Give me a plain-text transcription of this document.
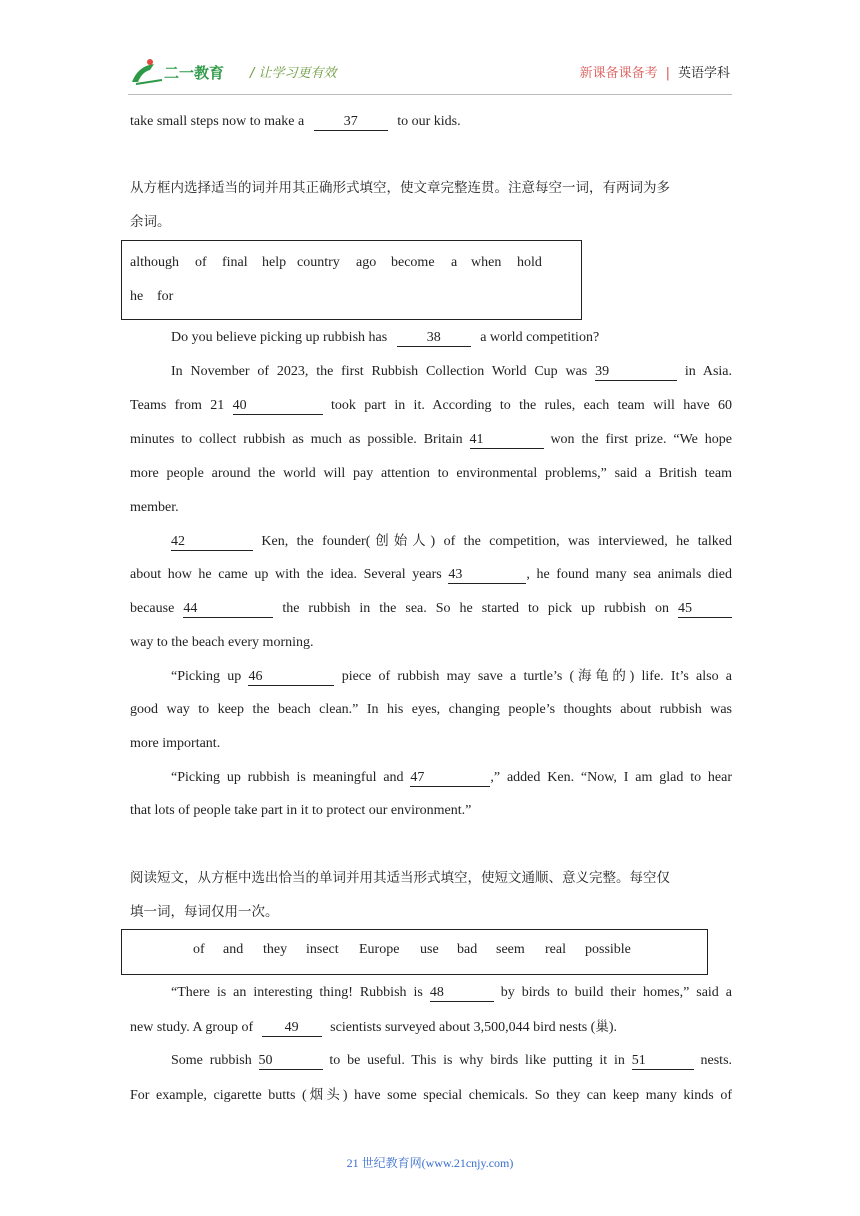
二一教育 / 让学习更有效	新课备课备考 | 英语学科
take small steps now to make a	37	to our kids.
从方框内选择适当的词并用其正确形式填空，使文章完整连贯。注意每空一词，有两词为多
余词。
although of final help country ago become a when hold
he for
Do you believe picking up rubbish has	38	a world competition?
In November of 2023, the first Rubbish Collection World Cup was 39	in Asia.
Teams from 21 40	took part in it. According to the rules, each team will have 60
minutes to collect rubbish as much as possible. Britain 41	won the first prize. “We hope
more people around the world will pay attention to environmental problems,” said a British team
member.
42	Ken, the founder(创始人) of the competition, was interviewed, he talked
about how he came up with the idea. Several years 43	, he found many sea animals died
because 44	the rubbish in the sea. So he started to pick up rubbish on 45
way to the beach every morning.
“Picking up 46	piece of rubbish may save a turtle’s (海龟的) life. It’s also a
good way to keep the beach clean.” In his eyes, changing people’s thoughts about rubbish was
more important.
“Picking up rubbish is meaningful and 47	,” added Ken. “Now, I am glad to hear
that lots of people take part in it to protect our environment.”
阅读短文，从方框中选出恰当的单词并用其适当形式填空，使短文通顺、意义完整。每空仅
填一词，每词仅用一次。
of and they insect Europe use bad seem real possible
“There is an interesting thing! Rubbish is 48	by birds to build their homes,” said a
new study. A group of 49 scientists surveyed about 3,500,044 bird nests (巢).
Some rubbish 50	to be useful. This is why birds like putting it in 51	nests.
For example, cigarette butts (烟头) have some special chemicals. So they can keep many kinds of
21 世纪教育网(www.21cnjy.com)
